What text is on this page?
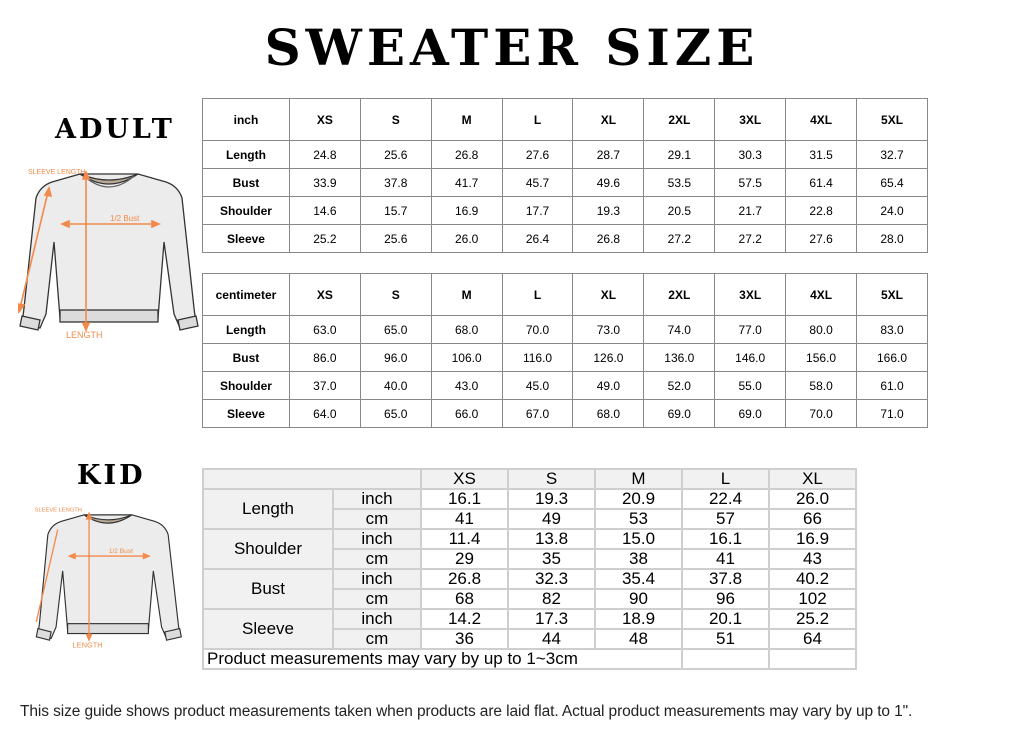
SWEATER SIZE
ADULT
SLEEVE LENGTH
1/2 Bust
LENGTH
inch	XS	S	M	L	XL	2XL	3XL	4XL	5XL
Length	24.8	25.6	26.8	27.6	28.7	29.1	30.3	31.5	32.7
Bust	33.9	37.8	41.7	45.7	49.6	53.5	57.5	61.4	65.4
Shoulder	14.6	15.7	16.9	17.7	19.3	20.5	21.7	22.8	24.0
Sleeve	25.2	25.6	26.0	26.4	26.8	27.2	27.2	27.6	28.0
centimeter	XS	S	M	L	XL	2XL	3XL	4XL	5XL
Length	63.0	65.0	68.0	70.0	73.0	74.0	77.0	80.0	83.0
Bust	86.0	96.0	106.0	116.0	126.0	136.0	146.0	156.0	166.0
Shoulder	37.0	40.0	43.0	45.0	49.0	52.0	55.0	58.0	61.0
Sleeve	64.0	65.0	66.0	67.0	68.0	69.0	69.0	70.0	71.0
KID
SLEEVE LENGTH
1/2 Bust
LENGTH
		XS	S	M	L	XL
Length	inch	16.1	19.3	20.9	22.4	26.0
	cm	41	49	53	57	66
Shoulder	inch	11.4	13.8	15.0	16.1	16.9
	cm	29	35	38	41	43
Bust	inch	26.8	32.3	35.4	37.8	40.2
	cm	68	82	90	96	102
Sleeve	inch	14.2	17.3	18.9	20.1	25.2
	cm	36	44	48	51	64
Product measurements may vary by up to 1~3cm						
This size guide shows product measurements taken when products are laid flat. Actual product measurements may vary by up to 1".
